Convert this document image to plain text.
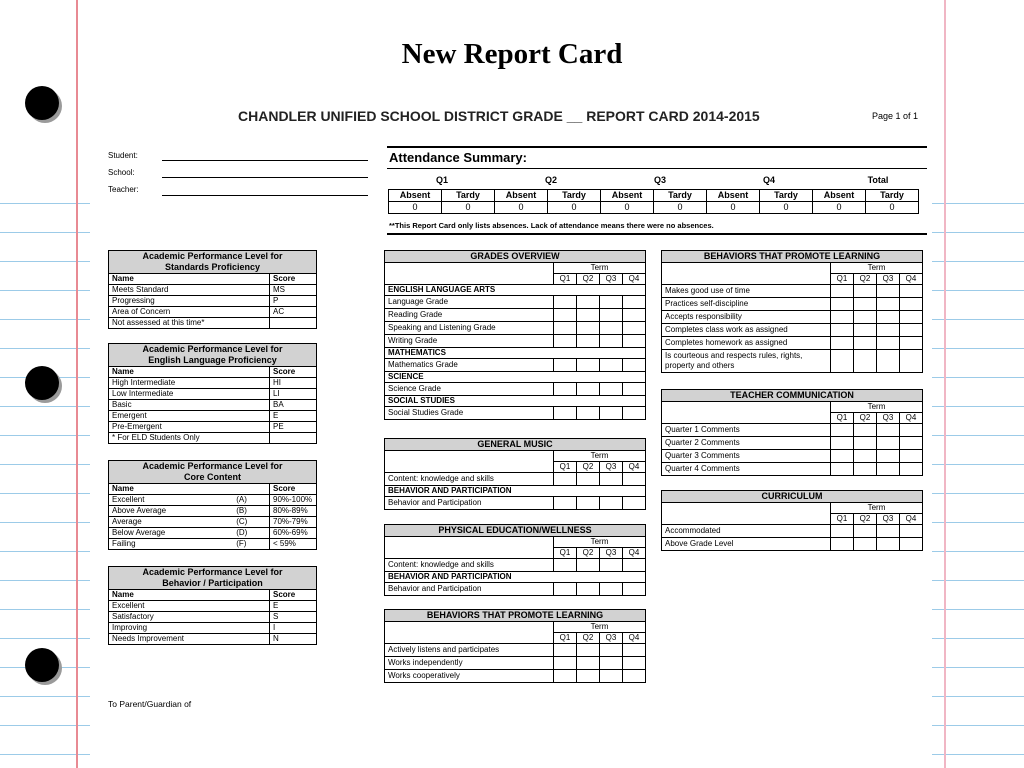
New Report Card
CHANDLER UNIFIED SCHOOL DISTRICT GRADE __ REPORT CARD 2014-2015	Page 1 of 1
Student:
School:
Teacher:
Attendance Summary:
Q1	Q2	Q3	Q4	Total
Absent	Tardy	Absent	Tardy	Absent	Tardy	Absent	Tardy	Absent	Tardy
0	0	0	0	0	0	0	0	0	0
**This Report Card only lists absences. Lack of attendance means there were no absences.
Academic Performance Level for
Standards Proficiency	
Name	Score
Meets Standard	MS
Progressing	P
Area of Concern	AC
Not assessed at this time*	
Academic Performance Level for
English Language Proficiency	
Name	Score
High Intermediate	HI
Low Intermediate	LI
Basic	BA
Emergent	E
Pre-Emergent	PE
* For ELD Students Only	
Academic Performance Level for
Core Content		
Name		Score
Excellent	(A)	90%-100%
Above Average	(B)	80%-89%
Average	(C)	70%-79%
Below Average	(D)	60%-69%
Failing	(F)	< 59%
Academic Performance Level for
Behavior / Participation	
Name	Score
Excellent	E
Satisfactory	S
Improving	I
Needs Improvement	N
GRADES OVERVIEW				
	Term			
	Q1	Q2	Q3	Q4
ENGLISH LANGUAGE ARTS				
Language Grade				
Reading Grade				
Speaking and Listening Grade				
Writing Grade				
MATHEMATICS				
Mathematics Grade				
SCIENCE				
Science Grade				
SOCIAL STUDIES				
Social Studies Grade				
GENERAL MUSIC				
	Term			
	Q1	Q2	Q3	Q4
Content: knowledge and skills				
BEHAVIOR AND PARTICIPATION				
Behavior and Participation				
PHYSICAL EDUCATION/WELLNESS				
	Term			
	Q1	Q2	Q3	Q4
Content: knowledge and skills				
BEHAVIOR AND PARTICIPATION				
Behavior and Participation				
BEHAVIORS THAT PROMOTE LEARNING				
	Term			
	Q1	Q2	Q3	Q4
Actively listens and participates				
Works independently				
Works cooperatively				
BEHAVIORS THAT PROMOTE LEARNING				
	Term			
	Q1	Q2	Q3	Q4
Makes good use of time				
Practices self-discipline				
Accepts responsibility				
Completes class work as assigned				
Completes homework as assigned				
Is courteous and respects rules, rights, property and others				
TEACHER COMMUNICATION				
	Term			
	Q1	Q2	Q3	Q4
Quarter 1 Comments				
Quarter 2 Comments				
Quarter 3 Comments				
Quarter 4 Comments				
CURRICULUM				
	Term			
	Q1	Q2	Q3	Q4
Accommodated				
Above Grade Level				
To Parent/Guardian of
